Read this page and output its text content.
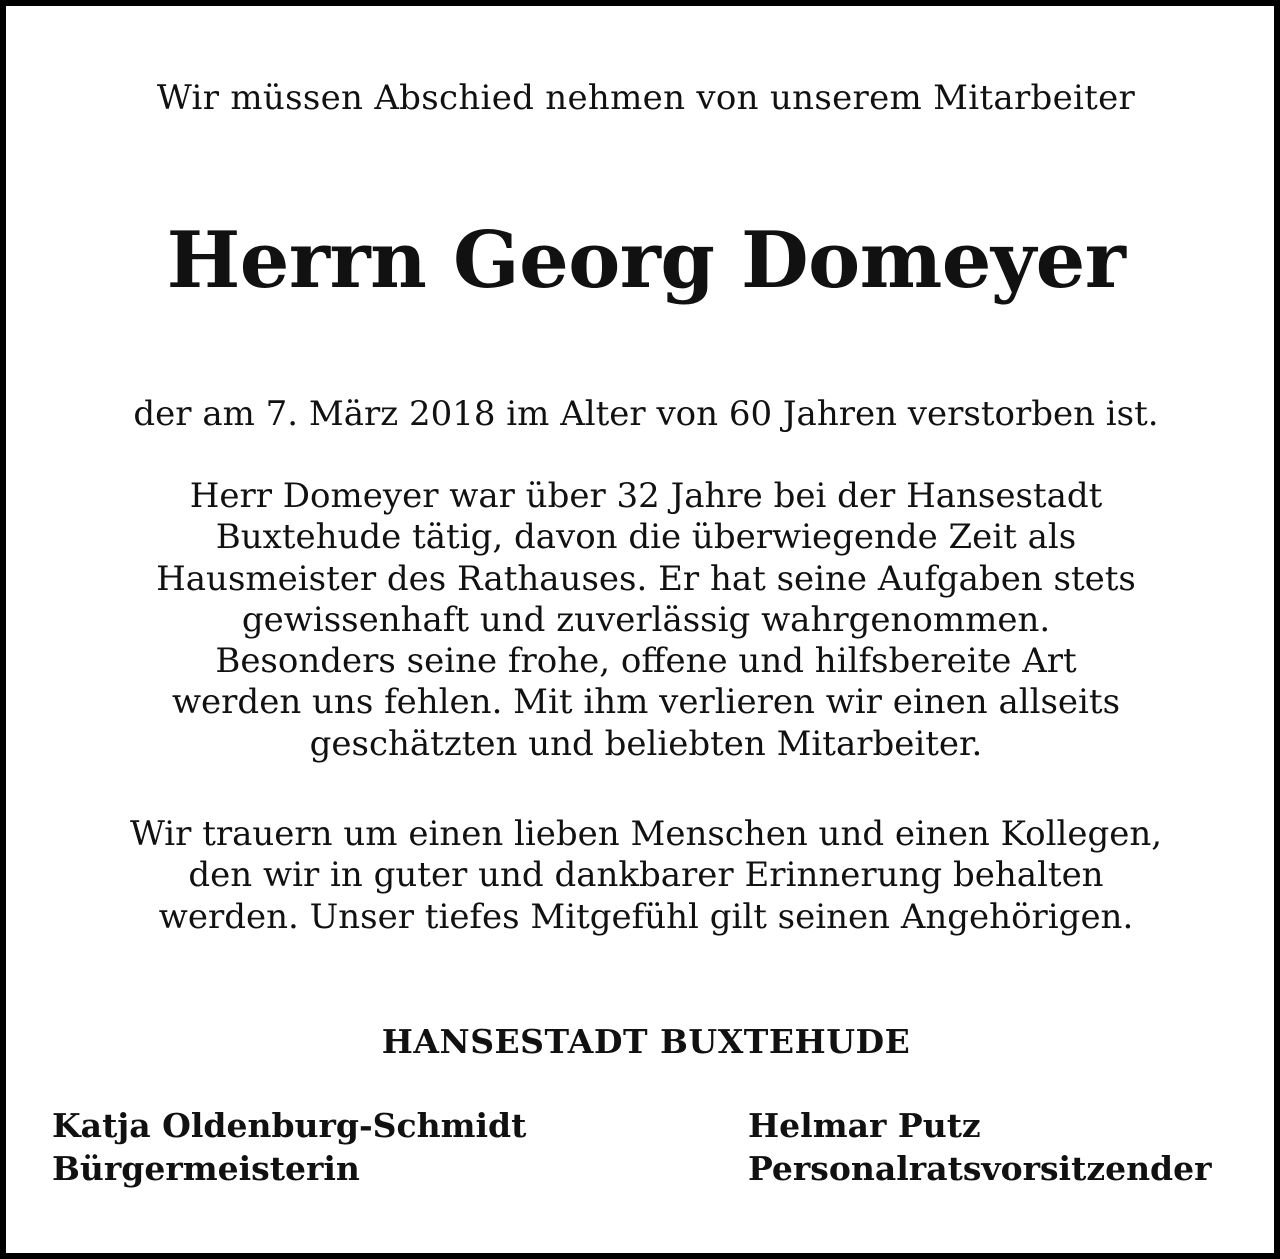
Wir müssen Abschied nehmen von unserem Mitarbeiter
Herrn Georg Domeyer
der am 7. März 2018 im Alter von 60 Jahren verstorben ist.
Herr Domeyer war über 32 Jahre bei der Hansestadt
Buxtehude tätig, davon die überwiegende Zeit als
Hausmeister des Rathauses. Er hat seine Aufgaben stets
gewissenhaft und zuverlässig wahrgenommen.
Besonders seine frohe, offene und hilfsbereite Art
werden uns fehlen. Mit ihm verlieren wir einen allseits
geschätzten und beliebten Mitarbeiter.
Wir trauern um einen lieben Menschen und einen Kollegen,
den wir in guter und dankbarer Erinnerung behalten
werden. Unser tiefes Mitgefühl gilt seinen Angehörigen.
HANSESTADT BUXTEHUDE
Katja Oldenburg-Schmidt
Bürgermeisterin
Helmar Putz
Personalratsvorsitzender
